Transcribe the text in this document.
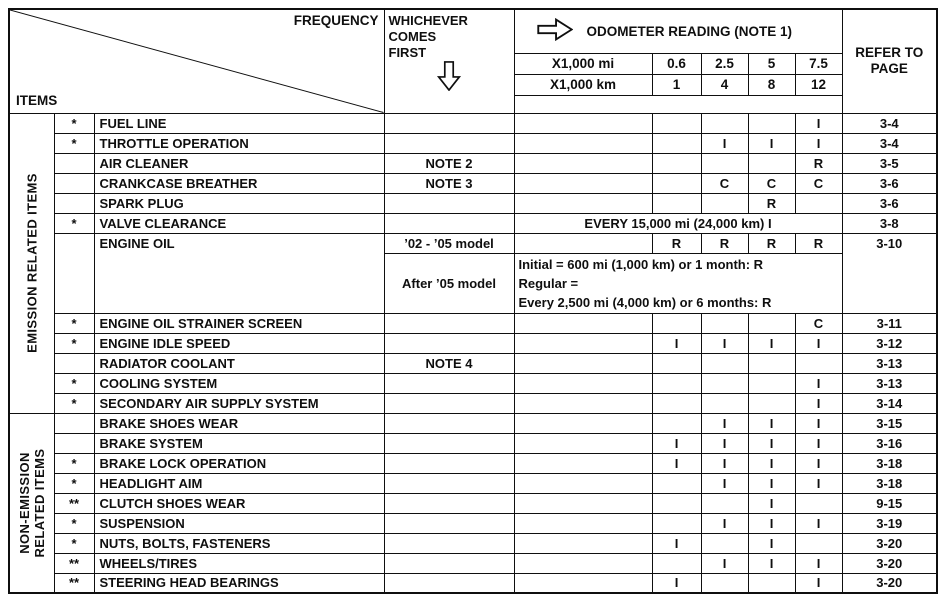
FREQUENCY
ITEMS

WHICHEVER
COMES
FIRST

ODOMETER READING (NOTE 1)
	REFER TO PAGE
				X1,000 mi	0.6	2.5	5	7.5	
				X1,000 km	1	4	8	12	

EMISSION RELATED ITEMS	*	FUEL LINE						I	3-4
	*	THROTTLE OPERATION				I	I	I	3-4
		AIR CLEANER	NOTE 2					R	3-5
		CRANKCASE BREATHER	NOTE 3			C	C	C	3-6
		SPARK PLUG					R		3-6
	*	VALVE CLEARANCE		EVERY 15,000 mi (24,000 km) I					3-8
		ENGINE OIL	’02 - ’05 model		R	R	R	R	3-10
			After ’05 model	Initial = 600 mi (1,000 km) or 1 month: R
Regular =
Every 2,500 mi (4,000 km) or 6 months: R					

	*	ENGINE OIL STRAINER SCREEN						C	3-11
	*	ENGINE IDLE SPEED			I	I	I	I	3-12
		RADIATOR COOLANT	NOTE 4						3-13
	*	COOLING SYSTEM						I	3-13
	*	SECONDARY AIR SUPPLY SYSTEM						I	3-14

NON-EMISSION RELATED ITEMS		BRAKE SHOES WEAR				I	I	I	3-15
		BRAKE SYSTEM			I	I	I	I	3-16
	*	BRAKE LOCK OPERATION			I	I	I	I	3-18
	*	HEADLIGHT AIM				I	I	I	3-18
	**	CLUTCH SHOES WEAR					I		9-15
	*	SUSPENSION				I	I	I	3-19
	*	NUTS, BOLTS, FASTENERS			I		I		3-20
	**	WHEELS/TIRES				I	I	I	3-20
	**	STEERING HEAD BEARINGS			I			I	3-20
